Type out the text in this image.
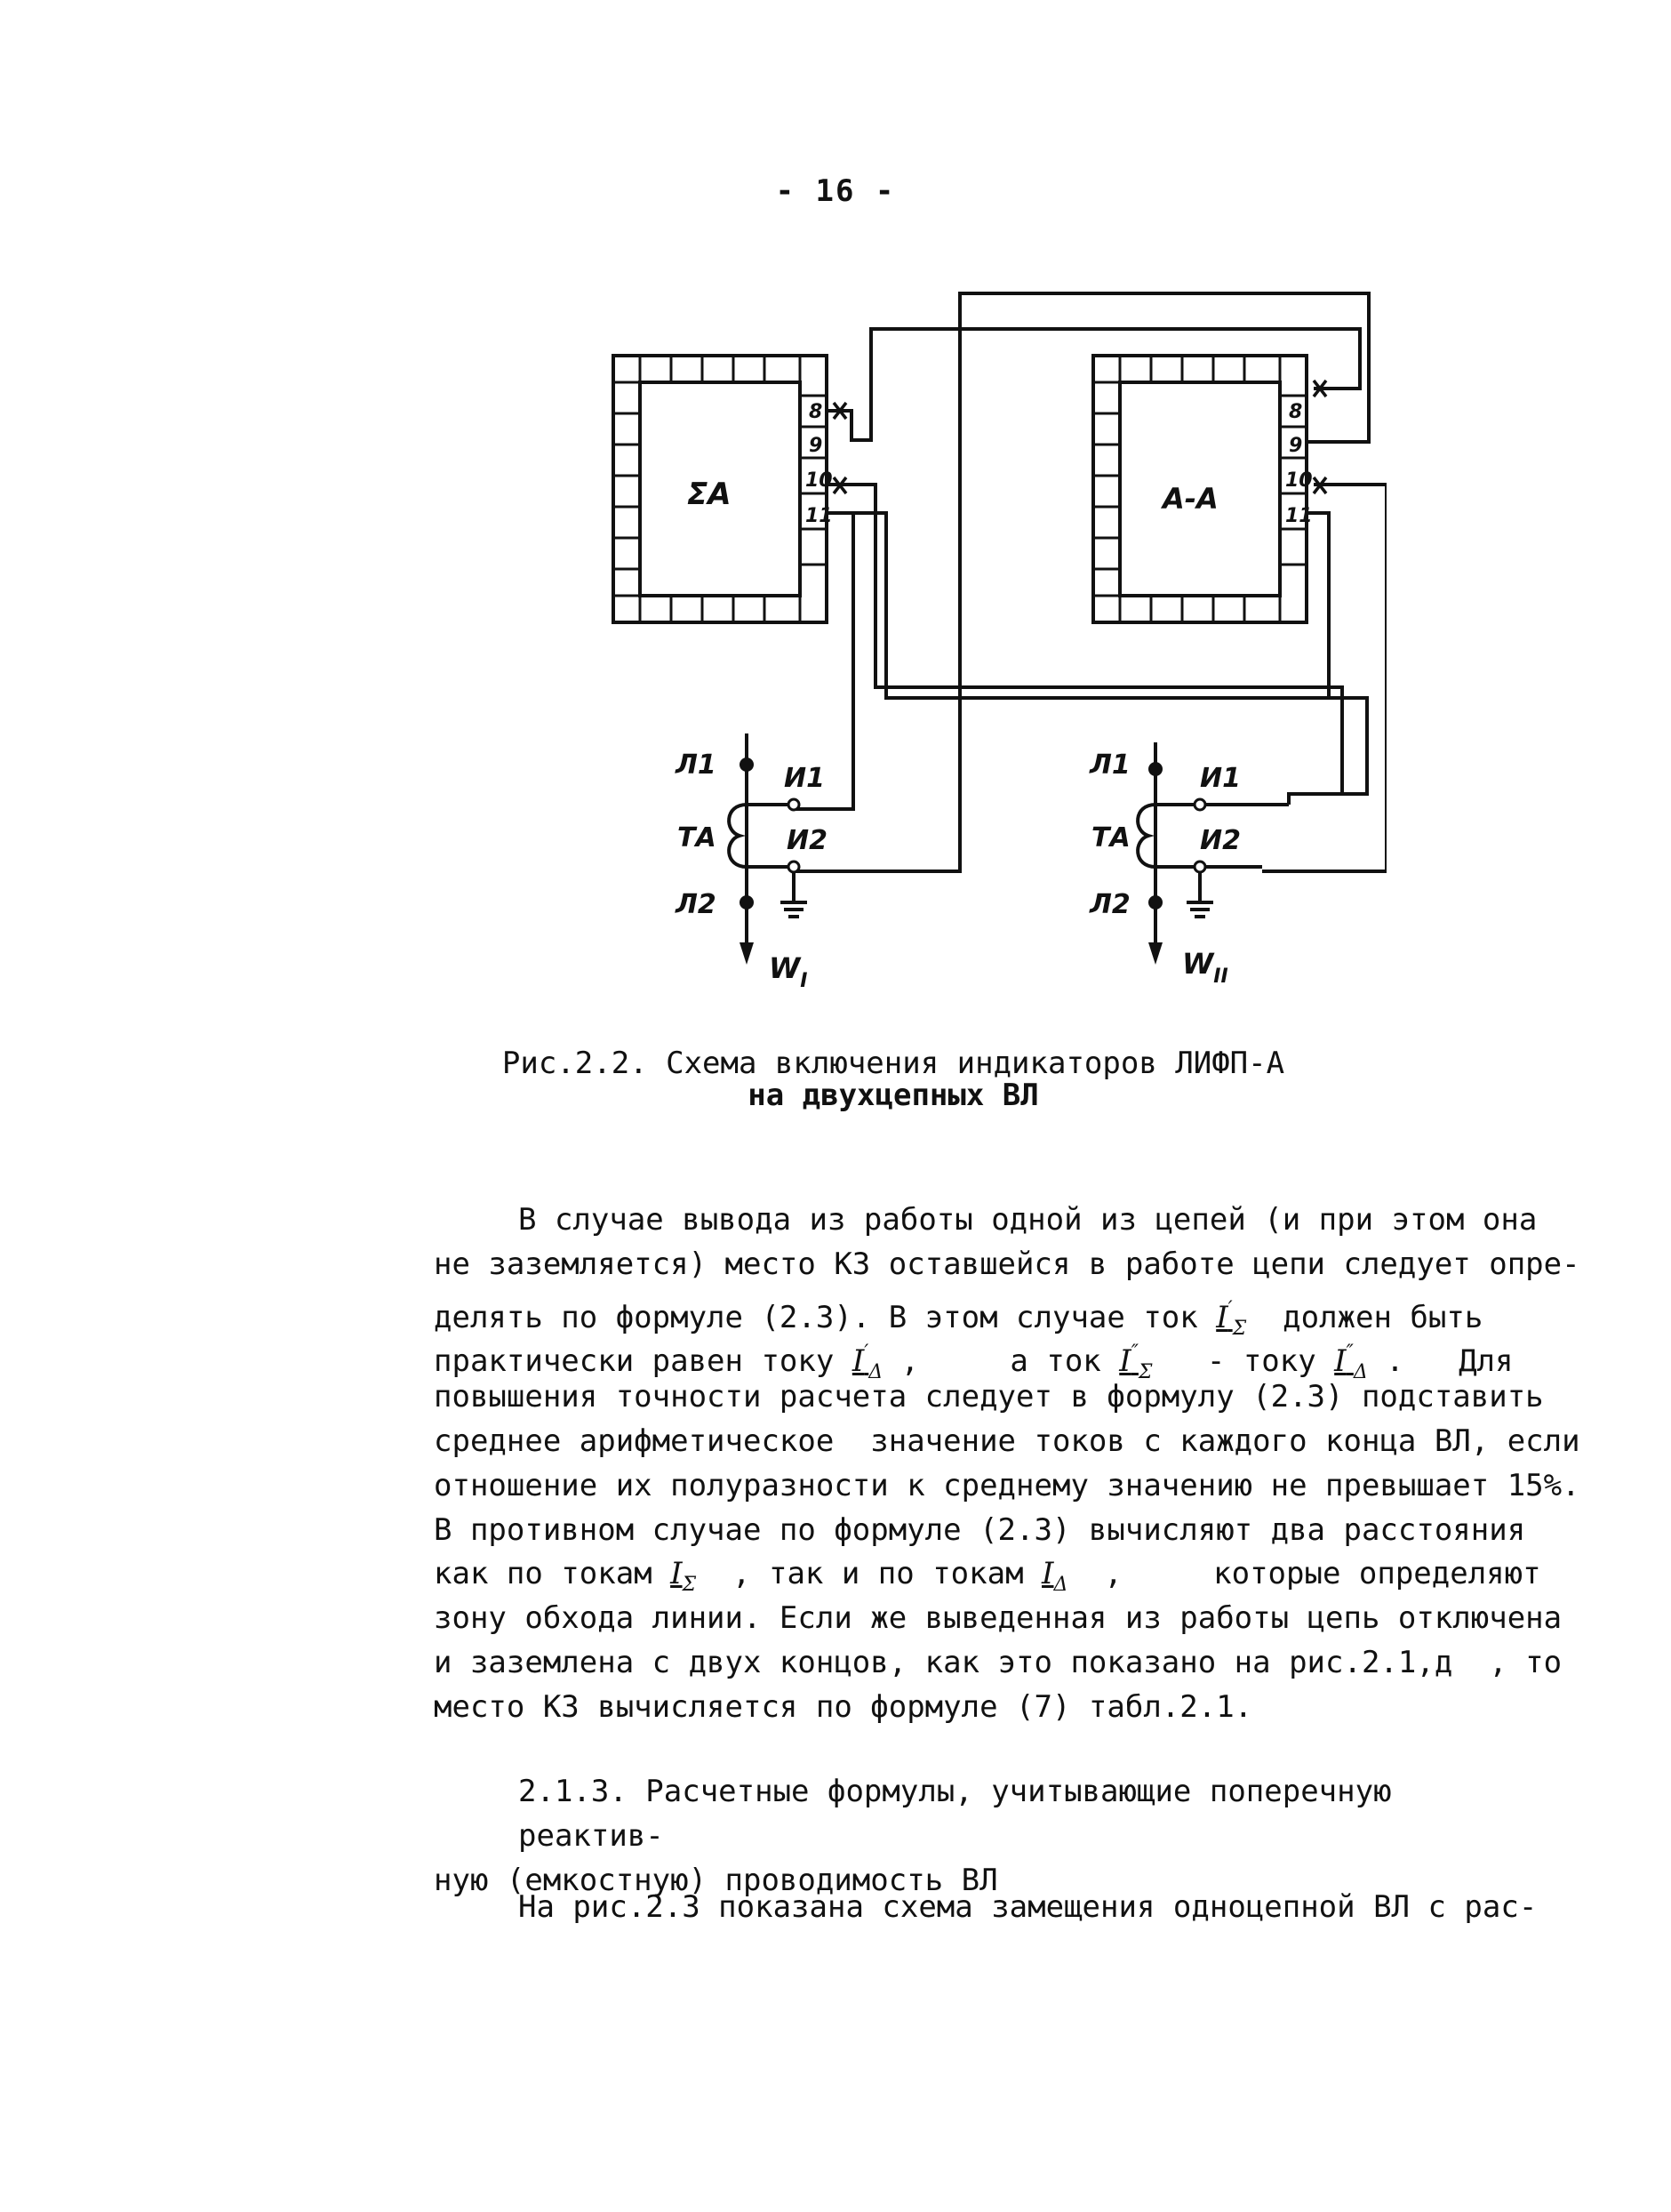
- 16 -
8
9
10
11
8
9
10
11
ΣA	A-A
Л1	И1
ТА	И2
Л2
$W_I$
Л1	И1
ТА	И2
Л2
$W_{II}$
Рис.2.2. Схема включения индикаторов ЛИФП-А
на двухцепных ВЛ
В случае вывода из работы одной из цепей (и при этом она
не заземляется) место КЗ оставшейся в работе цепи следует опре-
делять по формуле (2.3). В этом случае ток $I'_\Sigma$  должен быть
практически равен току $I'_\Delta$ ,     а ток $I''_\Sigma$   - току $I''_\Delta$ .   Для
повышения точности расчета следует в формулу (2.3) подставить
среднее арифметическое  значение токов с каждого конца ВЛ, если
отношение их полуразности к среднему значению не превышает 15%.
В противном случае по формуле (2.3) вычисляют два расстояния
как по токам $I_\Sigma$  , так и по токам $I_\Delta$  ,     которые определяют
зону обхода линии. Если же выведенная из работы цепь отключена
и заземлена с двух концов, как это показано на рис.2.1,д  , то
место КЗ вычисляется по формуле (7) табл.2.1.
2.1.3. Расчетные формулы, учитывающие поперечную реактив-
ную (емкостную) проводимость ВЛ
На рис.2.3 показана схема замещения одноцепной ВЛ с рас-
